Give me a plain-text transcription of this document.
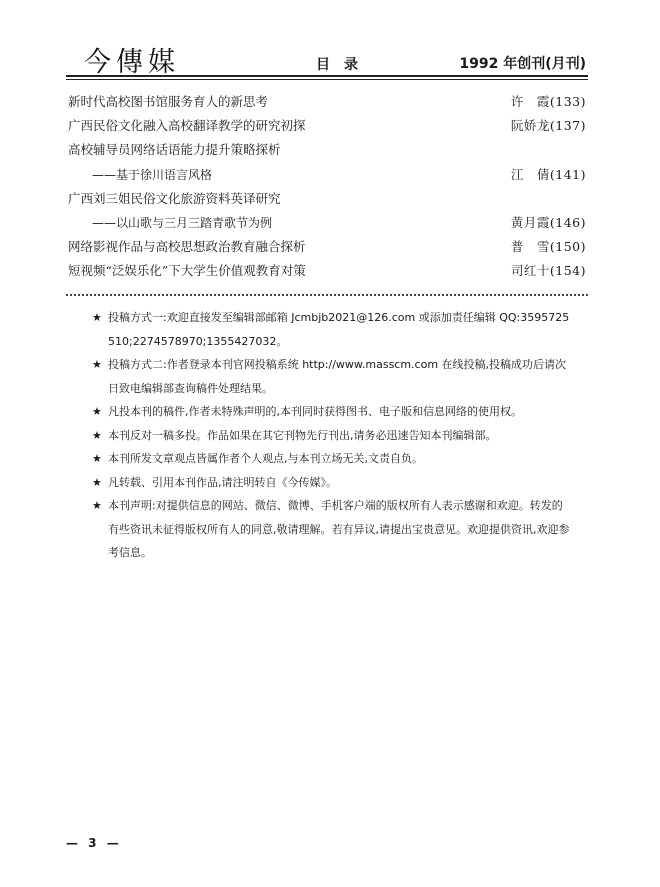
今傳媒	目录	1992 年创刊(月刊)
新时代高校图书馆服务育人的新思考	许　霞(133)
广西民俗文化融入高校翻译教学的研究初探	阮娇龙(137)
高校辅导员网络话语能力提升策略探析
——基于徐川语言风格	江　倩(141)
广西刘三姐民俗文化旅游资料英译研究
——以山歌与三月三踏青歌节为例	黄月霞(146)
网络影视作品与高校思想政治教育融合探析	普　雪(150)
短视频“泛娱乐化”下大学生价值观教育对策	司红十(154)
★ 投稿方式一:欢迎直接发至编辑部邮箱 Jcmbjb2021@126.com 或添加责任编辑 QQ:3595725510;2274578970;1355427032。
★ 投稿方式二:作者登录本刊官网投稿系统 http://www.masscm.com 在线投稿,投稿成功后请次日致电编辑部查询稿件处理结果。
★ 凡投本刊的稿件,作者未特殊声明的,本刊同时获得图书、电子版和信息网络的使用权。
★ 本刊反对一稿多投。作品如果在其它刊物先行刊出,请务必迅速告知本刊编辑部。
★ 本刊所发文章观点皆属作者个人观点,与本刊立场无关,文责自负。
★ 凡转载、引用本刊作品,请注明转自《今传媒》。
★ 本刊声明:对提供信息的网站、微信、微博、手机客户端的版权所有人表示感谢和欢迎。转发的有些资讯未征得版权所有人的同意,敬请理解。若有异议,请提出宝贵意见。欢迎提供资讯,欢迎参考信息。
— 3 —
